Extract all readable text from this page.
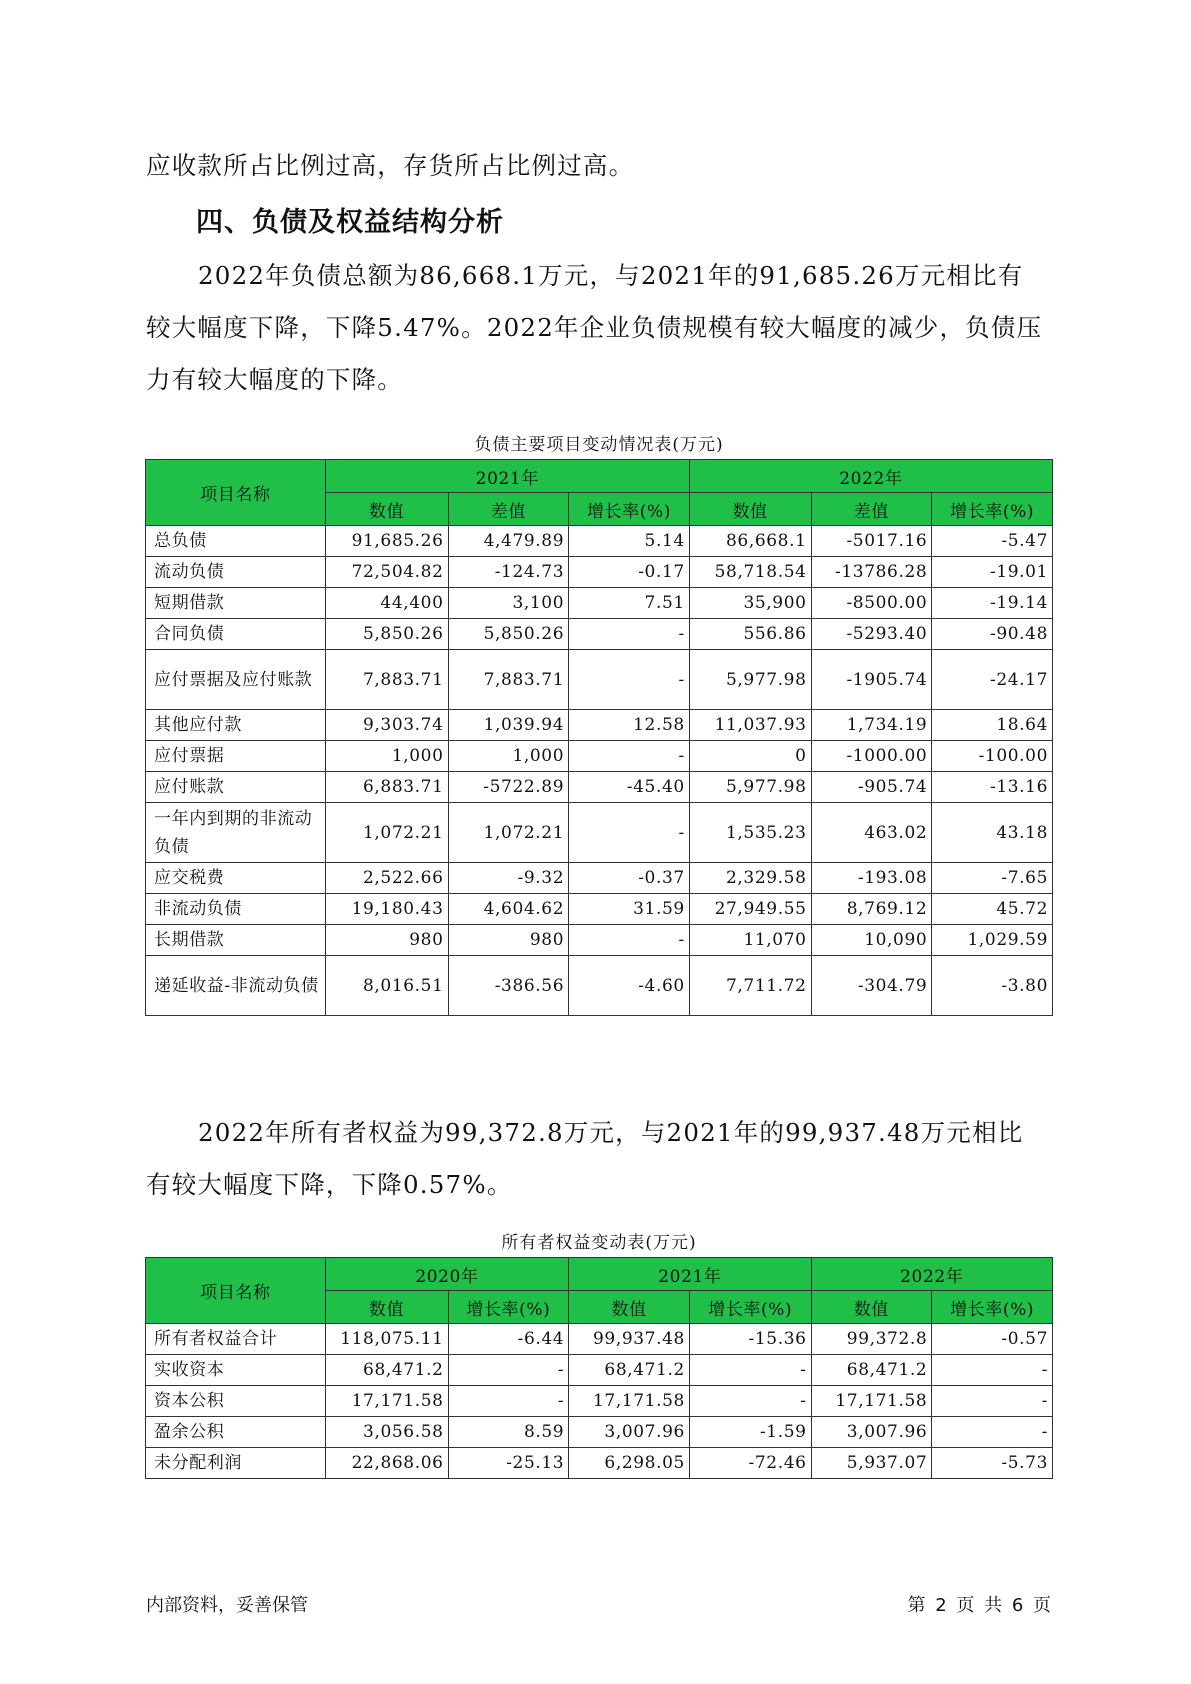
应收款所占比例过高，存货所占比例过高。

四、负债及权益结构分析

2022年负债总额为86,668.1万元，与2021年的91,685.26万元相比有较大幅度下降，下降5.47%。2022年企业负债规模有较大幅度的减少，负债压力有较大幅度的下降。

负债主要项目变动情况表(万元)
项目名称	2021年			2022年		
	数值	差值	增长率(%)	数值	差值	增长率(%)
总负债	91,685.26	4,479.89	5.14	86,668.1	-5017.16	-5.47
流动负债	72,504.82	-124.73	-0.17	58,718.54	-13786.28	-19.01
短期借款	44,400	3,100	7.51	35,900	-8500.00	-19.14
合同负债	5,850.26	5,850.26	-	556.86	-5293.40	-90.48
应付票据及应付账款	7,883.71	7,883.71	-	5,977.98	-1905.74	-24.17
其他应付款	9,303.74	1,039.94	12.58	11,037.93	1,734.19	18.64
应付票据	1,000	1,000	-	0	-1000.00	-100.00
应付账款	6,883.71	-5722.89	-45.40	5,977.98	-905.74	-13.16
一年内到期的非流动负债	1,072.21	1,072.21	-	1,535.23	463.02	43.18
应交税费	2,522.66	-9.32	-0.37	2,329.58	-193.08	-7.65
非流动负债	19,180.43	4,604.62	31.59	27,949.55	8,769.12	45.72
长期借款	980	980	-	11,070	10,090	1,029.59
递延收益-非流动负债	8,016.51	-386.56	-4.60	7,711.72	-304.79	-3.80

2022年所有者权益为99,372.8万元，与2021年的99,937.48万元相比有较大幅度下降，下降0.57%。

所有者权益变动表(万元)
项目名称	2020年		2021年		2022年	
	数值	增长率(%)	数值	增长率(%)	数值	增长率(%)
所有者权益合计	118,075.11	-6.44	99,937.48	-15.36	99,372.8	-0.57
实收资本	68,471.2	-	68,471.2	-	68,471.2	-
资本公积	17,171.58	-	17,171.58	-	17,171.58	-
盈余公积	3,056.58	8.59	3,007.96	-1.59	3,007.96	-
未分配利润	22,868.06	-25.13	6,298.05	-72.46	5,937.07	-5.73
内部资料，妥善保管	第 2 页 共 6 页
